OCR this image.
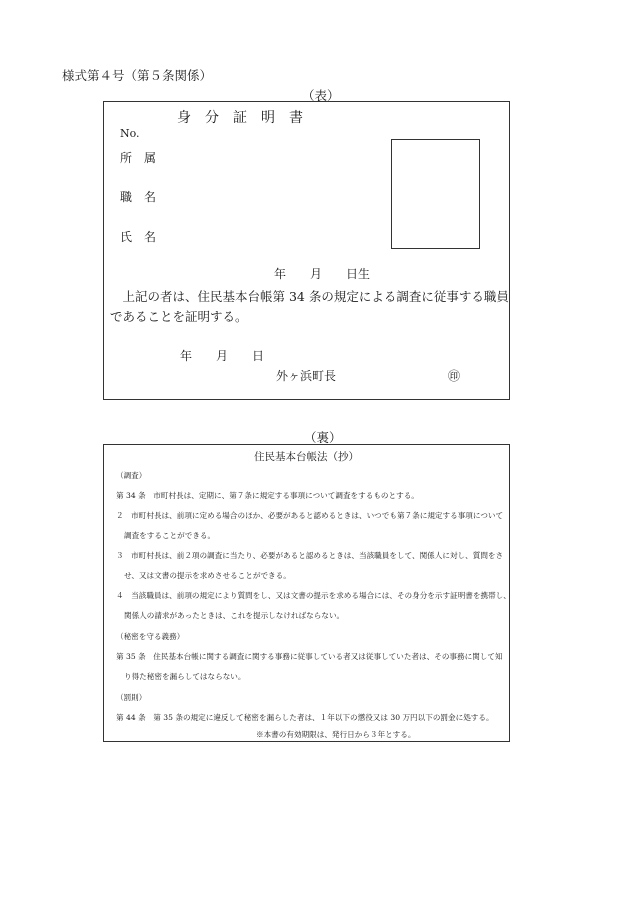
様式第４号（第５条関係）
（表）
身分証明書
No.
所　属
職　名
氏　名
年　　月　　日生
　上記の者は、住民基本台帳第 34 条の規定による調査に従事する職員
であることを証明する。
年　　月　　日
外ヶ浜町長	㊞
（裏）
住民基本台帳法（抄）

（調査）

第 34 条　市町村長は、定期に、第７条に規定する事項について調査をするものとする。

２　市町村長は、前項に定める場合のほか、必要があると認めるときは、いつでも第７条に規定する事項について

調査をすることができる。

３　市町村長は、前２項の調査に当たり、必要があると認めるときは、当該職員をして、関係人に対し、質問をさ

せ、又は文書の提示を求めさせることができる。

４　当該職員は、前項の規定により質問をし、又は文書の提示を求める場合には、その身分を示す証明書を携帯し、

関係人の請求があったときは、これを提示しなければならない。

（秘密を守る義務）

第 35 条　住民基本台帳に関する調査に関する事務に従事している者又は従事していた者は、その事務に関して知

り得た秘密を漏らしてはならない。

（罰則）

第 44 条　第 35 条の規定に違反して秘密を漏らした者は、１年以下の懲役又は 30 万円以下の罰金に処する。

※本書の有効期限は、発行日から３年とする。
